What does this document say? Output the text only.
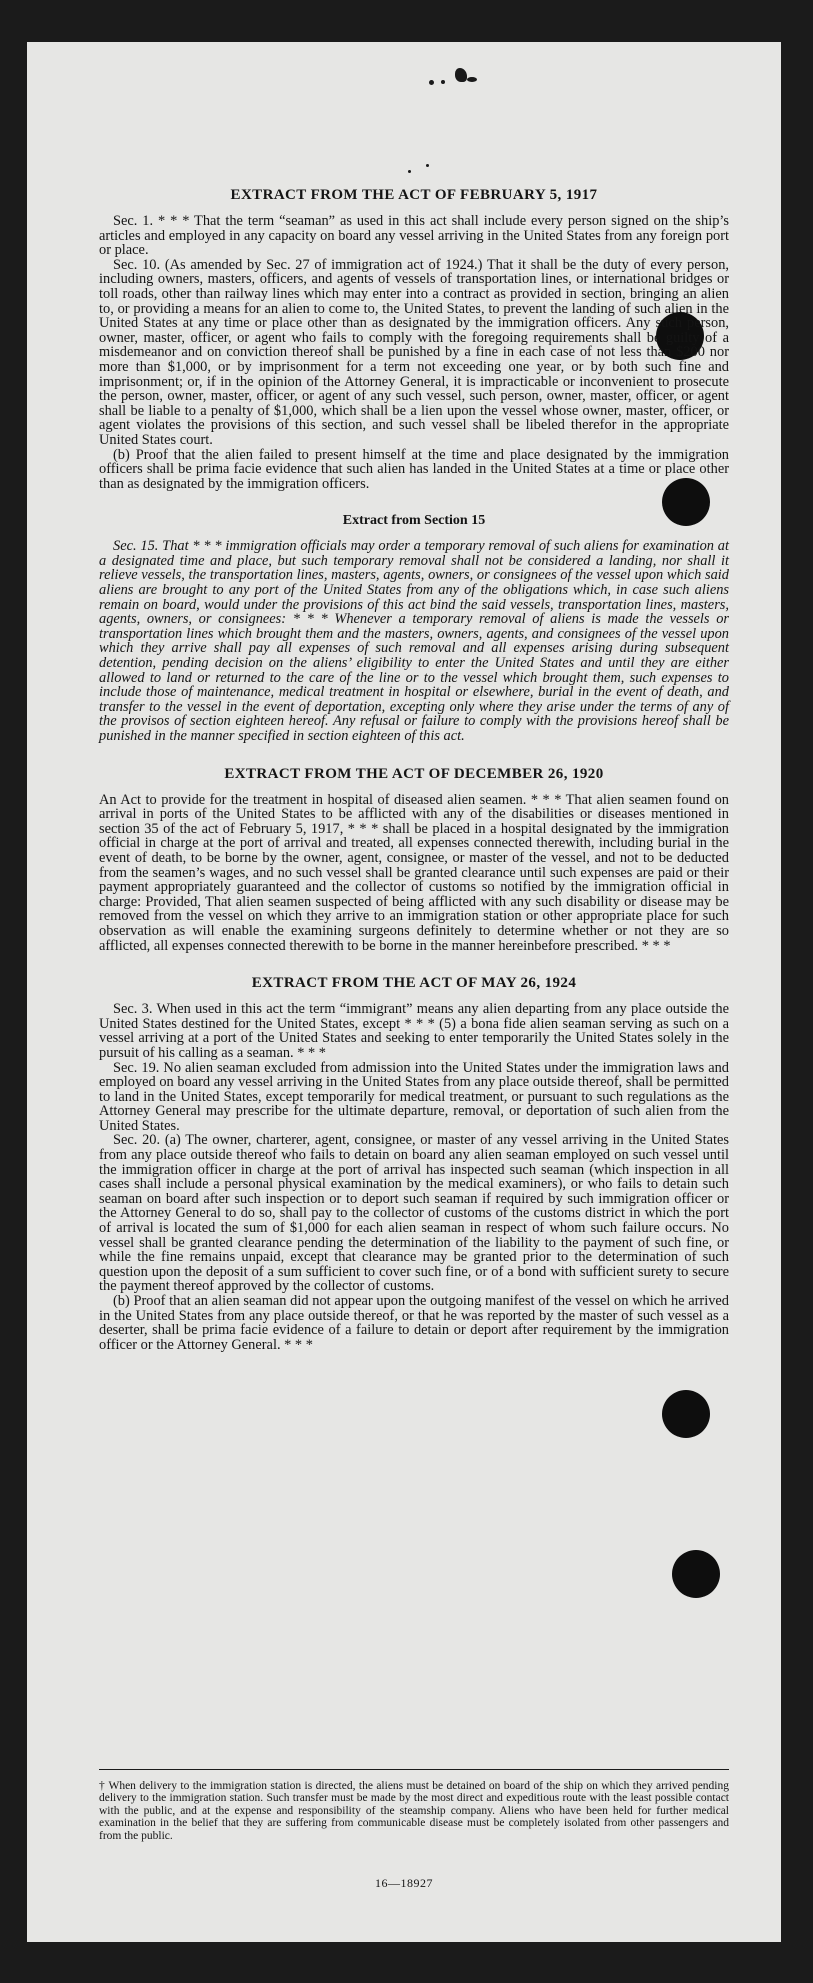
EXTRACT FROM THE ACT OF FEBRUARY 5, 1917

Sec. 1. * * * That the term “seaman” as used in this act shall include every person signed on the ship’s articles and employed in any capacity on board any vessel arriving in the United States from any foreign port or place.

Sec. 10. (As amended by Sec. 27 of immigration act of 1924.) That it shall be the duty of every person, including owners, masters, officers, and agents of vessels of transportation lines, or international bridges or toll roads, other than railway lines which may enter into a contract as provided in section, bringing an alien to, or providing a means for an alien to come to, the United States, to prevent the landing of such alien in the United States at any time or place other than as designated by the immigration officers. Any such person, owner, master, officer, or agent who fails to comply with the foregoing requirements shall be guilty of a misdemeanor and on conviction thereof shall be punished by a fine in each case of not less than $200 nor more than $1,000, or by imprisonment for a term not exceeding one year, or by both such fine and imprisonment; or, if in the opinion of the Attorney General, it is impracticable or inconvenient to prosecute the person, owner, master, officer, or agent of any such vessel, such person, owner, master, officer, or agent shall be liable to a penalty of $1,000, which shall be a lien upon the vessel whose owner, master, officer, or agent violates the provisions of this section, and such vessel shall be libeled therefor in the appropriate United States court.

(b) Proof that the alien failed to present himself at the time and place designated by the immigration officers shall be prima facie evidence that such alien has landed in the United States at a time or place other than as designated by the immigration officers.

Extract from Section 15

Sec. 15. That * * * immigration officials may order a temporary removal of such aliens for examination at a designated time and place, but such temporary removal shall not be considered a landing, nor shall it relieve vessels, the transportation lines, masters, agents, owners, or consignees of the vessel upon which said aliens are brought to any port of the United States from any of the obligations which, in case such aliens remain on board, would under the provisions of this act bind the said vessels, transportation lines, masters, agents, owners, or consignees: * * * Whenever a temporary removal of aliens is made the vessels or transportation lines which brought them and the masters, owners, agents, and consignees of the vessel upon which they arrive shall pay all expenses of such removal and all expenses arising during subsequent detention, pending decision on the aliens’ eligibility to enter the United States and until they are either allowed to land or returned to the care of the line or to the vessel which brought them, such expenses to include those of maintenance, medical treatment in hospital or elsewhere, burial in the event of death, and transfer to the vessel in the event of deportation, excepting only where they arise under the terms of any of the provisos of section eighteen hereof. Any refusal or failure to comply with the provisions hereof shall be punished in the manner specified in section eighteen of this act.

EXTRACT FROM THE ACT OF DECEMBER 26, 1920

An Act to provide for the treatment in hospital of diseased alien seamen. * * * That alien seamen found on arrival in ports of the United States to be afflicted with any of the disabilities or diseases mentioned in section 35 of the act of February 5, 1917, * * * shall be placed in a hospital designated by the immigration official in charge at the port of arrival and treated, all expenses connected therewith, including burial in the event of death, to be borne by the owner, agent, consignee, or master of the vessel, and not to be deducted from the seamen’s wages, and no such vessel shall be granted clearance until such expenses are paid or their payment appropriately guaranteed and the collector of customs so notified by the immigration official in charge: Provided, That alien seamen suspected of being afflicted with any such disability or disease may be removed from the vessel on which they arrive to an immigration station or other appropriate place for such observation as will enable the examining surgeons definitely to determine whether or not they are so afflicted, all expenses connected therewith to be borne in the manner hereinbefore prescribed. * * *

EXTRACT FROM THE ACT OF MAY 26, 1924

Sec. 3. When used in this act the term “immigrant” means any alien departing from any place outside the United States destined for the United States, except * * * (5) a bona fide alien seaman serving as such on a vessel arriving at a port of the United States and seeking to enter temporarily the United States solely in the pursuit of his calling as a seaman. * * *

Sec. 19. No alien seaman excluded from admission into the United States under the immigration laws and employed on board any vessel arriving in the United States from any place outside thereof, shall be permitted to land in the United States, except temporarily for medical treatment, or pursuant to such regulations as the Attorney General may prescribe for the ultimate departure, removal, or deportation of such alien from the United States.

Sec. 20. (a) The owner, charterer, agent, consignee, or master of any vessel arriving in the United States from any place outside thereof who fails to detain on board any alien seaman employed on such vessel until the immigration officer in charge at the port of arrival has inspected such seaman (which inspection in all cases shall include a personal physical examination by the medical examiners), or who fails to detain such seaman on board after such inspection or to deport such seaman if required by such immigration officer or the Attorney General to do so, shall pay to the collector of customs of the customs district in which the port of arrival is located the sum of $1,000 for each alien seaman in respect of whom such failure occurs. No vessel shall be granted clearance pending the determination of the liability to the payment of such fine, or while the fine remains unpaid, except that clearance may be granted prior to the determination of such question upon the deposit of a sum sufficient to cover such fine, or of a bond with sufficient surety to secure the payment thereof approved by the collector of customs.

(b) Proof that an alien seaman did not appear upon the outgoing manifest of the vessel on which he arrived in the United States from any place outside thereof, or that he was reported by the master of such vessel as a deserter, shall be prima facie evidence of a failure to detain or deport after requirement by the immigration officer or the Attorney General. * * *

† When delivery to the immigration station is directed, the aliens must be detained on board of the ship on which they arrived pending delivery to the immigration station. Such transfer must be made by the most direct and expeditious route with the least possible contact with the public, and at the expense and responsibility of the steamship company. Aliens who have been held for further medical examination in the belief that they are suffering from communicable disease must be completely isolated from other passengers and from the public.
16—18927
